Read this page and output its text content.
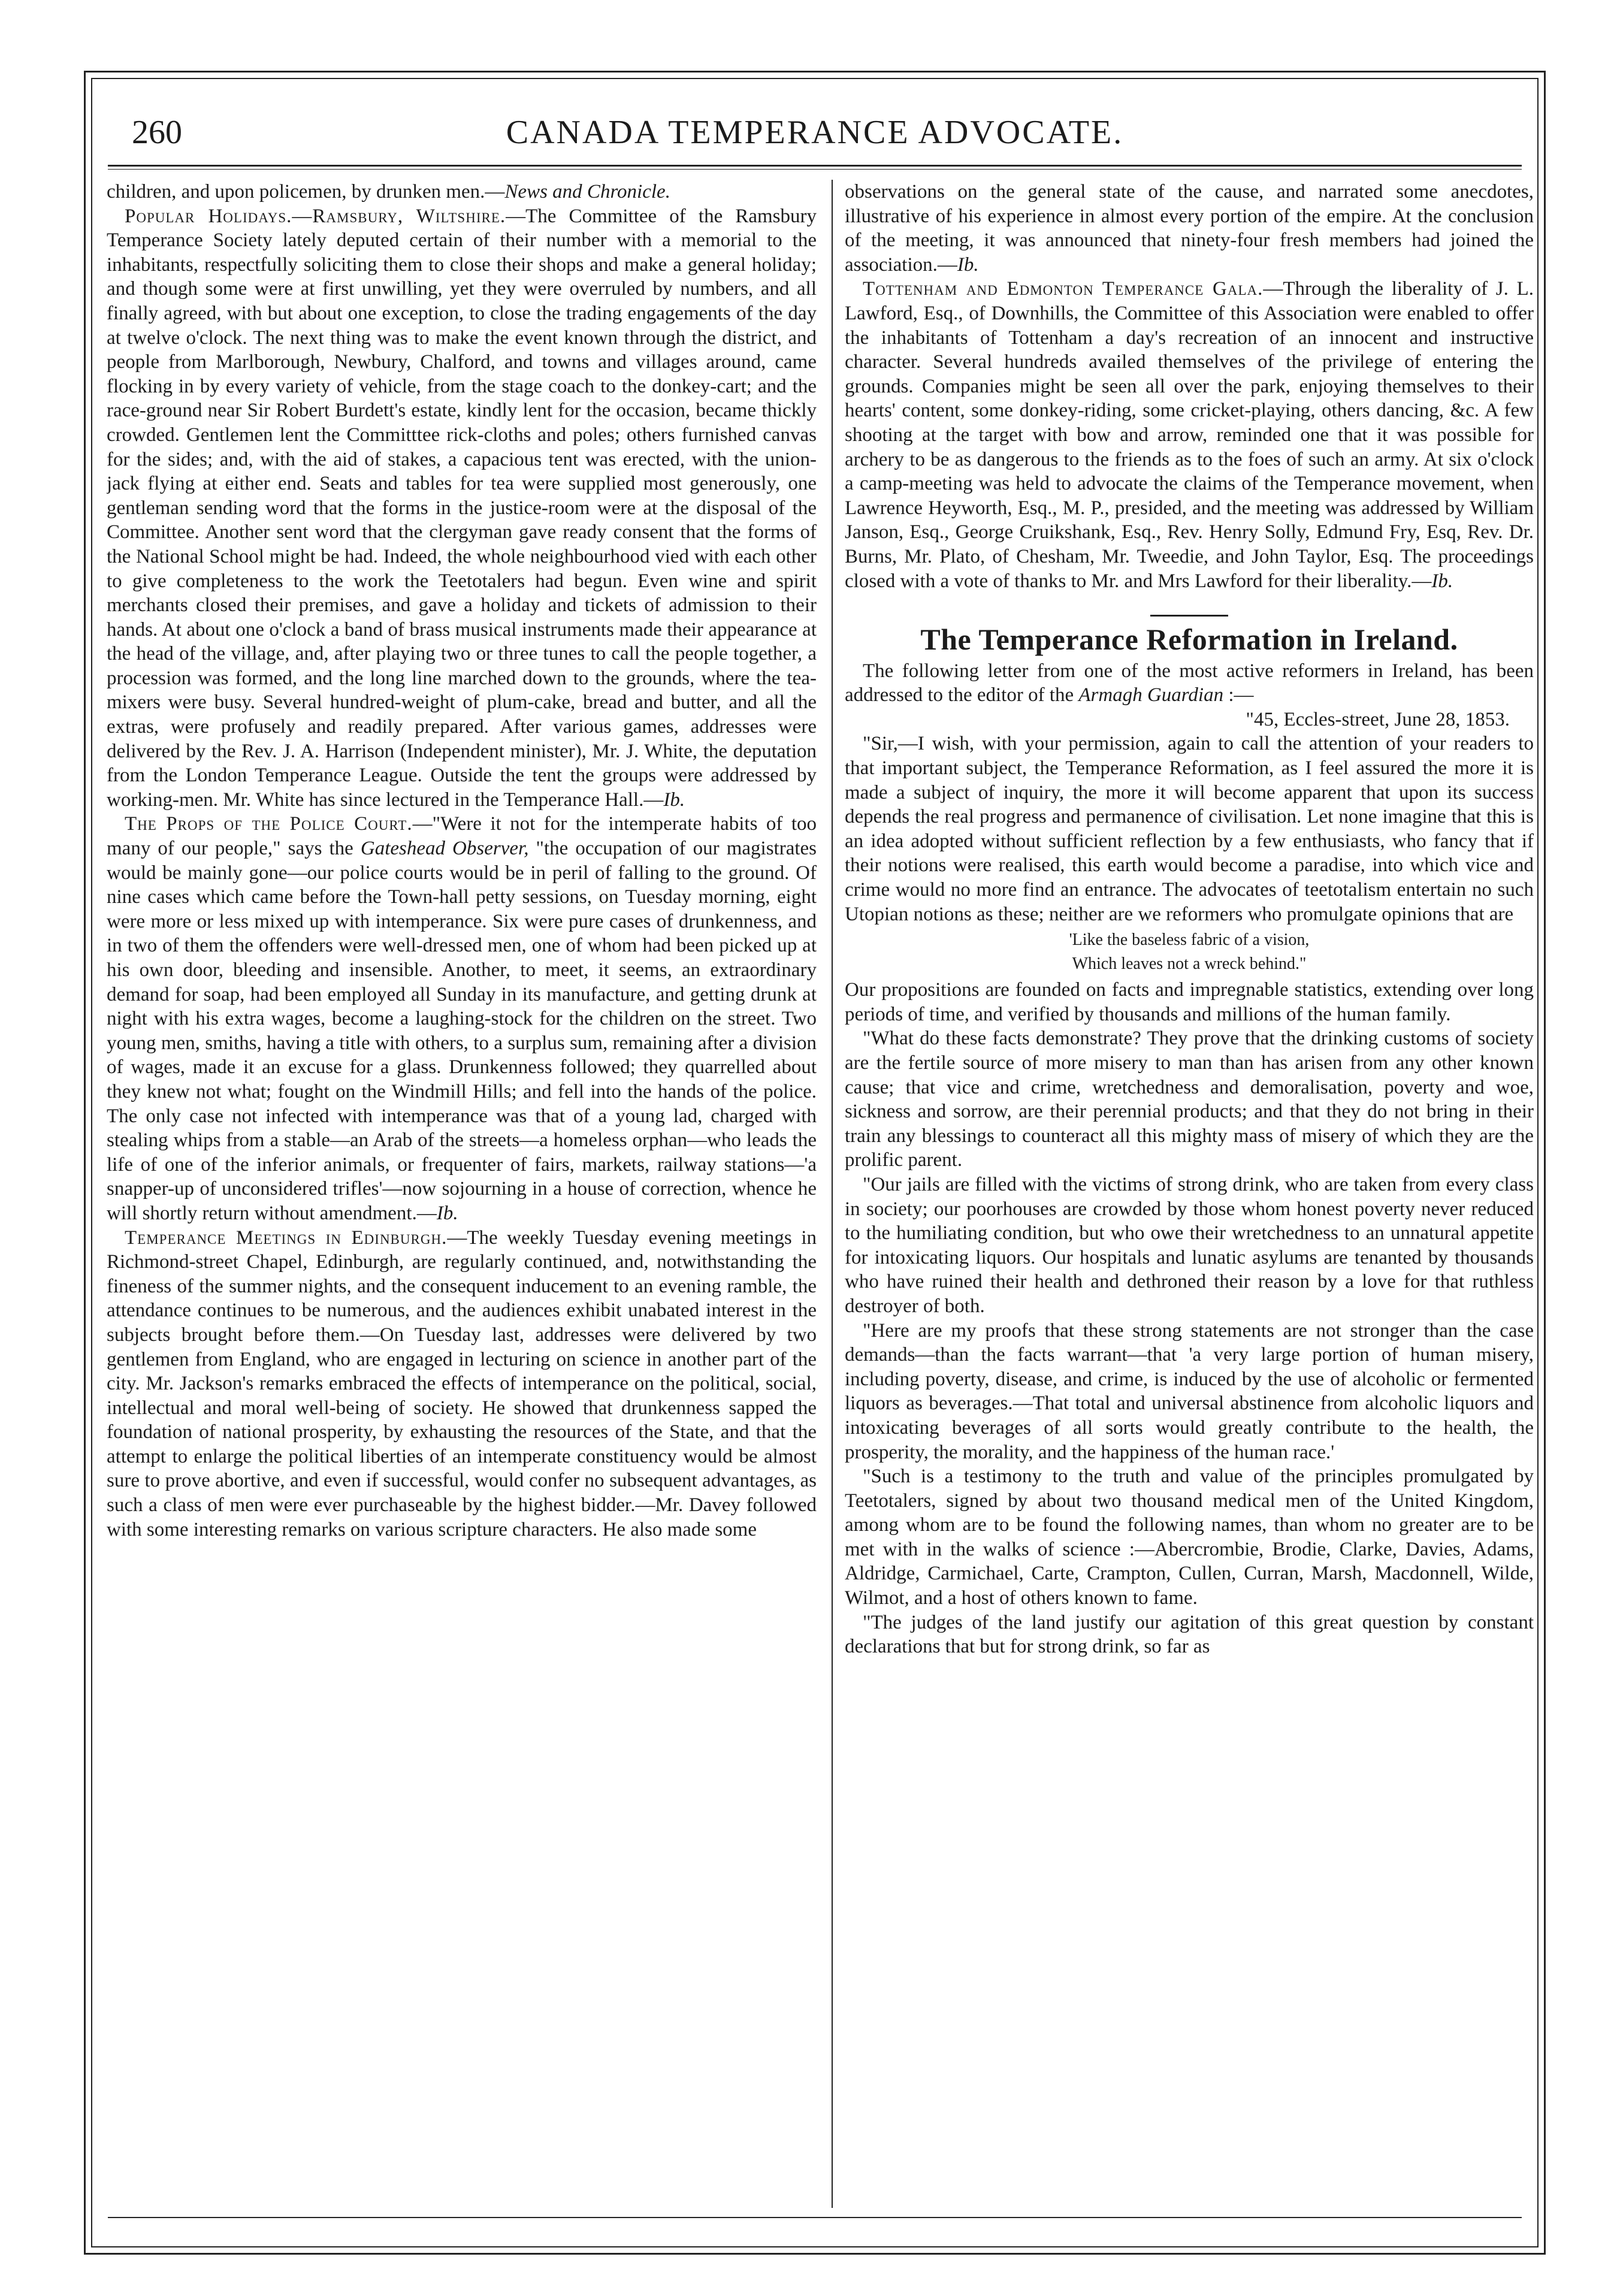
260	CANADA TEMPERANCE ADVOCATE.

children, and upon policemen, by drunken men.—News and Chronicle.

Popular Holidays.—Ramsbury, Wiltshire.—The Committee of the Ramsbury Temperance Society lately deputed certain of their number with a memorial to the inhabitants, respectfully soliciting them to close their shops and make a general holiday; and though some were at first unwilling, yet they were overruled by numbers, and all finally agreed, with but about one exception, to close the trading engagements of the day at twelve o'clock. The next thing was to make the event known through the district, and people from Marlborough, Newbury, Chalford, and towns and villages around, came flocking in by every variety of vehicle, from the stage coach to the donkey-cart; and the race-ground near Sir Robert Burdett's estate, kindly lent for the occasion, became thickly crowded. Gentlemen lent the Committtee rick-cloths and poles; others furnished canvas for the sides; and, with the aid of stakes, a capacious tent was erected, with the union-jack flying at either end. Seats and tables for tea were supplied most generously, one gentleman sending word that the forms in the justice-room were at the disposal of the Committee. Another sent word that the clergyman gave ready consent that the forms of the National School might be had. Indeed, the whole neighbourhood vied with each other to give completeness to the work the Teetotalers had begun. Even wine and spirit merchants closed their premises, and gave a holiday and tickets of admission to their hands. At about one o'clock a band of brass musical instruments made their appearance at the head of the village, and, after playing two or three tunes to call the people together, a procession was formed, and the long line marched down to the grounds, where the tea-mixers were busy. Several hundred-weight of plum-cake, bread and butter, and all the extras, were profusely and readily prepared. After various games, addresses were delivered by the Rev. J. A. Harrison (Independent minister), Mr. J. White, the deputation from the London Temperance League. Outside the tent the groups were addressed by working-men. Mr. White has since lectured in the Temperance Hall.—Ib.

The Props of the Police Court.—"Were it not for the intemperate habits of too many of our people," says the Gateshead Observer, "the occupation of our magistrates would be mainly gone—our police courts would be in peril of falling to the ground. Of nine cases which came before the Town-hall petty sessions, on Tuesday morning, eight were more or less mixed up with intemperance. Six were pure cases of drunkenness, and in two of them the offenders were well-dressed men, one of whom had been picked up at his own door, bleeding and insensible. Another, to meet, it seems, an extraordinary demand for soap, had been employed all Sunday in its manufacture, and getting drunk at night with his extra wages, become a laughing-stock for the children on the street. Two young men, smiths, having a title with others, to a surplus sum, remaining after a division of wages, made it an excuse for a glass. Drunkenness followed; they quarrelled about they knew not what; fought on the Windmill Hills; and fell into the hands of the police. The only case not infected with intemperance was that of a young lad, charged with stealing whips from a stable—an Arab of the streets—a homeless orphan—who leads the life of one of the inferior animals, or frequenter of fairs, markets, railway stations—'a snapper-up of unconsidered trifles'—now sojourning in a house of correction, whence he will shortly return without amendment.—Ib.

Temperance Meetings in Edinburgh.—The weekly Tuesday evening meetings in Richmond-street Chapel, Edinburgh, are regularly continued, and, notwithstanding the fineness of the summer nights, and the consequent inducement to an evening ramble, the attendance continues to be numerous, and the audiences exhibit unabated interest in the subjects brought before them.—On Tuesday last, addresses were delivered by two gentlemen from England, who are engaged in lecturing on science in another part of the city. Mr. Jackson's remarks embraced the effects of intemperance on the political, social, intellectual and moral well-being of society. He showed that drunkenness sapped the foundation of national prosperity, by exhausting the resources of the State, and that the attempt to enlarge the political liberties of an intemperate constituency would be almost sure to prove abortive, and even if successful, would confer no subsequent advantages, as such a class of men were ever purchaseable by the highest bidder.—Mr. Davey followed with some interesting remarks on various scripture characters. He also made some

observations on the general state of the cause, and narrated some anecdotes, illustrative of his experience in almost every portion of the empire. At the conclusion of the meeting, it was announced that ninety-four fresh members had joined the association.—Ib.

Tottenham and Edmonton Temperance Gala.—Through the liberality of J. L. Lawford, Esq., of Downhills, the Committee of this Association were enabled to offer the inhabitants of Tottenham a day's recreation of an innocent and instructive character. Several hundreds availed themselves of the privilege of entering the grounds. Companies might be seen all over the park, enjoying themselves to their hearts' content, some donkey-riding, some cricket-playing, others dancing, &c. A few shooting at the target with bow and arrow, reminded one that it was possible for archery to be as dangerous to the friends as to the foes of such an army. At six o'clock a camp-meeting was held to advocate the claims of the Temperance movement, when Lawrence Heyworth, Esq., M. P., presided, and the meeting was addressed by William Janson, Esq., George Cruikshank, Esq., Rev. Henry Solly, Edmund Fry, Esq, Rev. Dr. Burns, Mr. Plato, of Chesham, Mr. Tweedie, and John Taylor, Esq. The proceedings closed with a vote of thanks to Mr. and Mrs Lawford for their liberality.—Ib.

The Temperance Reformation in Ireland.

The following letter from one of the most active reformers in Ireland, has been addressed to the editor of the Armagh Guardian :—

"45, Eccles-street, June 28, 1853.

"Sir,—I wish, with your permission, again to call the attention of your readers to that important subject, the Temperance Reformation, as I feel assured the more it is made a subject of inquiry, the more it will become apparent that upon its success depends the real progress and permanence of civilisation. Let none imagine that this is an idea adopted without sufficient reflection by a few enthusiasts, who fancy that if their notions were realised, this earth would become a paradise, into which vice and crime would no more find an entrance. The advocates of teetotalism entertain no such Utopian notions as these; neither are we reformers who promulgate opinions that are

'Like the baseless fabric of a vision,

Which leaves not a wreck behind."

Our propositions are founded on facts and impregnable statistics, extending over long periods of time, and verified by thousands and millions of the human family.

"What do these facts demonstrate? They prove that the drinking customs of society are the fertile source of more misery to man than has arisen from any other known cause; that vice and crime, wretchedness and demoralisation, poverty and woe, sickness and sorrow, are their perennial products; and that they do not bring in their train any blessings to counteract all this mighty mass of misery of which they are the prolific parent.

"Our jails are filled with the victims of strong drink, who are taken from every class in society; our poorhouses are crowded by those whom honest poverty never reduced to the humiliating condition, but who owe their wretchedness to an unnatural appetite for intoxicating liquors. Our hospitals and lunatic asylums are tenanted by thousands who have ruined their health and dethroned their reason by a love for that ruthless destroyer of both.

"Here are my proofs that these strong statements are not stronger than the case demands—than the facts warrant—that 'a very large portion of human misery, including poverty, disease, and crime, is induced by the use of alcoholic or fermented liquors as beverages.—That total and universal abstinence from alcoholic liquors and intoxicating beverages of all sorts would greatly contribute to the health, the prosperity, the morality, and the happiness of the human race.'

"Such is a testimony to the truth and value of the principles promulgated by Teetotalers, signed by about two thousand medical men of the United Kingdom, among whom are to be found the following names, than whom no greater are to be met with in the walks of science :—Abercrombie, Brodie, Clarke, Davies, Adams, Aldridge, Carmichael, Carte, Crampton, Cullen, Curran, Marsh, Macdonnell, Wilde, Wilmot, and a host of others known to fame.

"The judges of the land justify our agitation of this great question by constant declarations that but for strong drink, so far as
